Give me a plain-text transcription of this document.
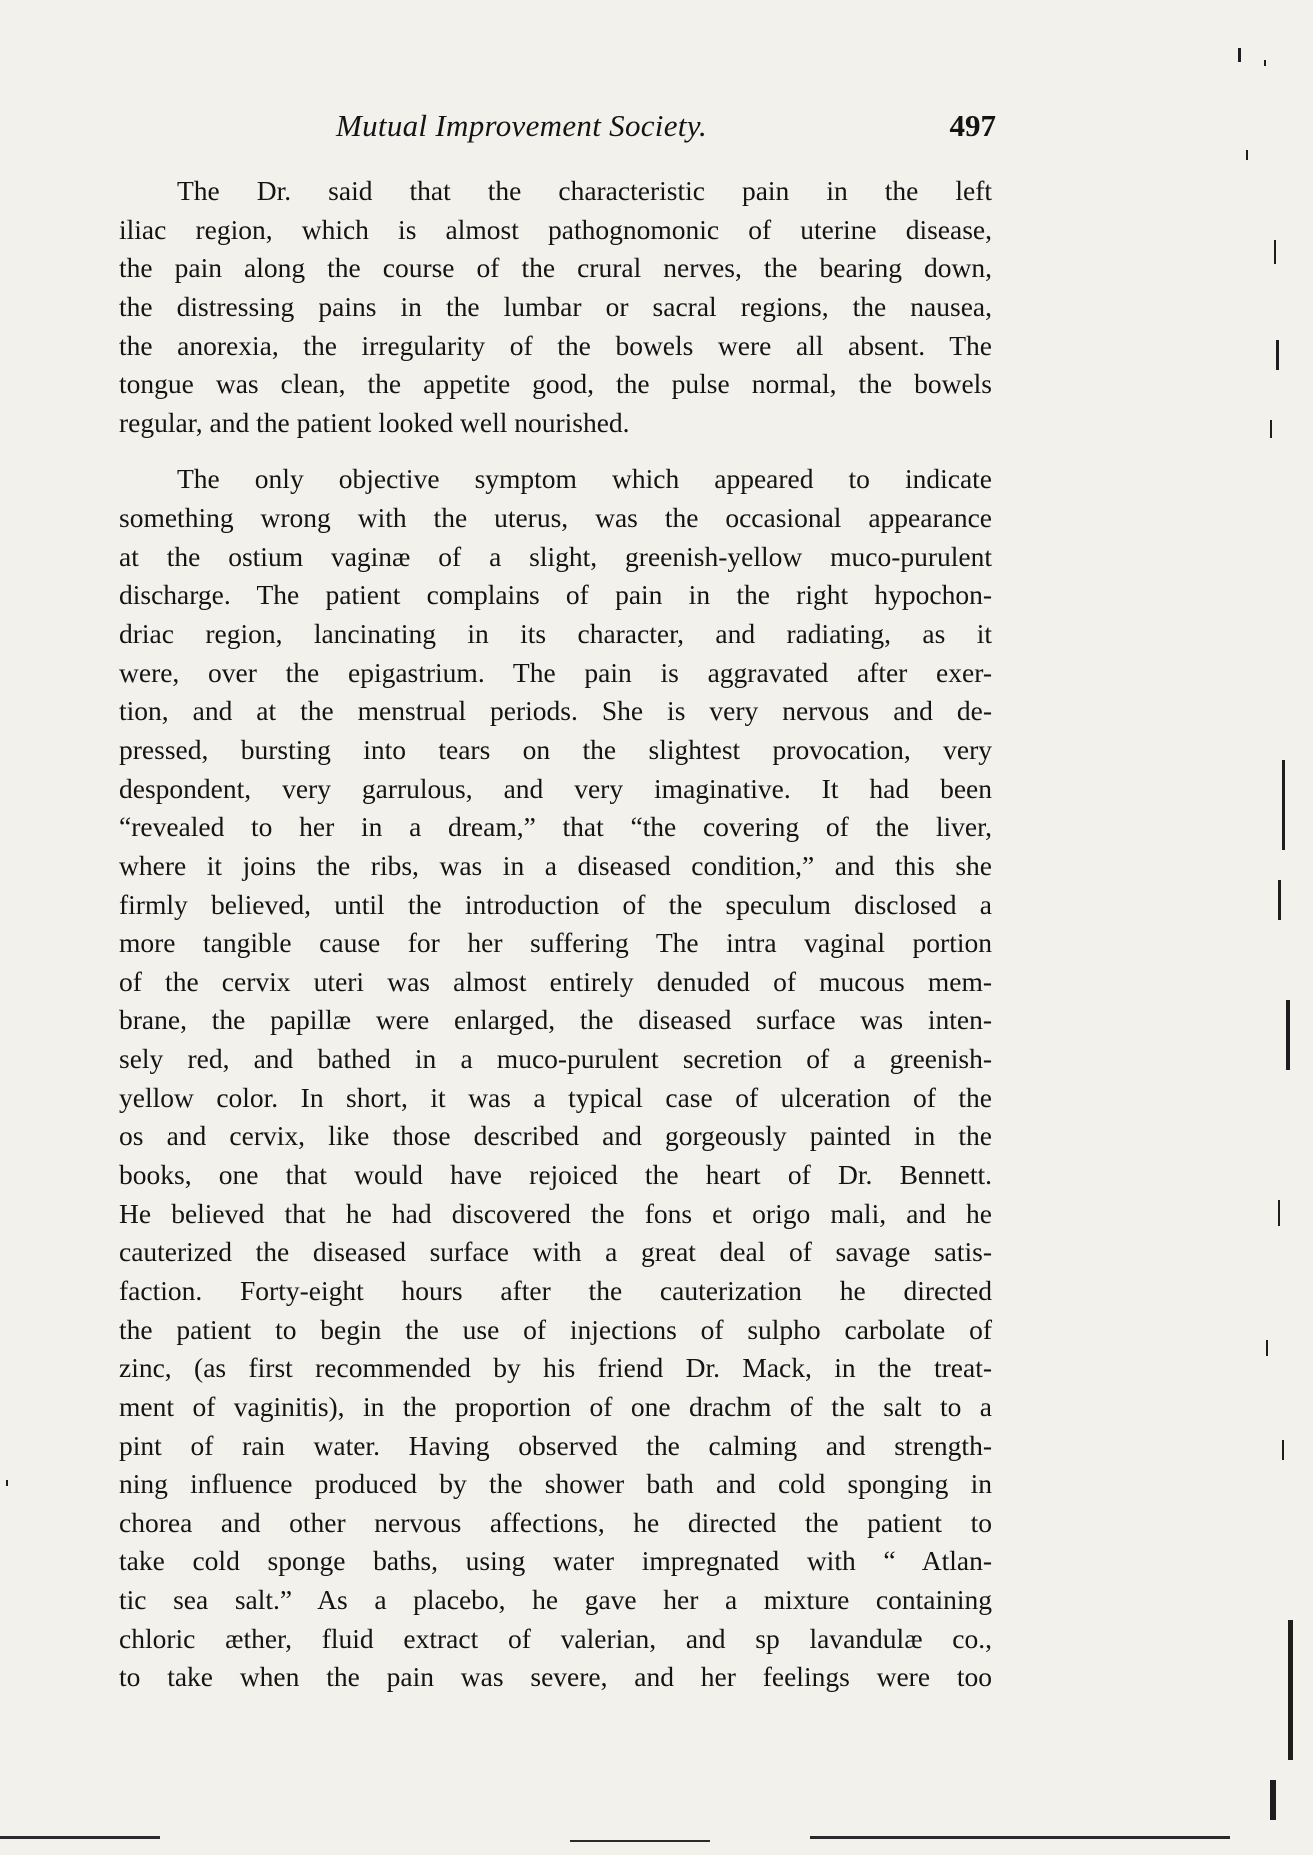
Mutual Improvement Society.	497
The Dr. said that the characteristic pain in the left
iliac region, which is almost pathognomonic of uterine disease,
the pain along the course of the crural nerves, the bearing down,
the distressing pains in the lumbar or sacral regions, the nausea,
the anorexia, the irregularity of the bowels were all absent. The
tongue was clean, the appetite good, the pulse normal, the bowels
regular, and the patient looked well nourished.
The only objective symptom which appeared to indicate
something wrong with the uterus, was the occasional appearance
at the ostium vaginæ of a slight, greenish-yellow muco-purulent
discharge. The patient complains of pain in the right hypochon-
driac region, lancinating in its character, and radiating, as it
were, over the epigastrium. The pain is aggravated after exer-
tion, and at the menstrual periods. She is very nervous and de-
pressed, bursting into tears on the slightest provocation, very
despondent, very garrulous, and very imaginative. It had been
“revealed to her in a dream,” that “the covering of the liver,
where it joins the ribs, was in a diseased condition,” and this she
firmly believed, until the introduction of the speculum disclosed a
more tangible cause for her suffering The intra vaginal portion
of the cervix uteri was almost entirely denuded of mucous mem-
brane, the papillæ were enlarged, the diseased surface was inten-
sely red, and bathed in a muco-purulent secretion of a greenish-
yellow color. In short, it was a typical case of ulceration of the
os and cervix, like those described and gorgeously painted in the
books, one that would have rejoiced the heart of Dr. Bennett.
He believed that he had discovered the fons et origo mali, and he
cauterized the diseased surface with a great deal of savage satis-
faction. Forty-eight hours after the cauterization he directed
the patient to begin the use of injections of sulpho carbolate of
zinc, (as first recommended by his friend Dr. Mack, in the treat-
ment of vaginitis), in the proportion of one drachm of the salt to a
pint of rain water. Having observed the calming and strength-
ning influence produced by the shower bath and cold sponging in
chorea and other nervous affections, he directed the patient to
take cold sponge baths, using water impregnated with “ Atlan-
tic sea salt.” As a placebo, he gave her a mixture containing
chloric æther, fluid extract of valerian, and sp lavandulæ co.,
to take when the pain was severe, and her feelings were too
